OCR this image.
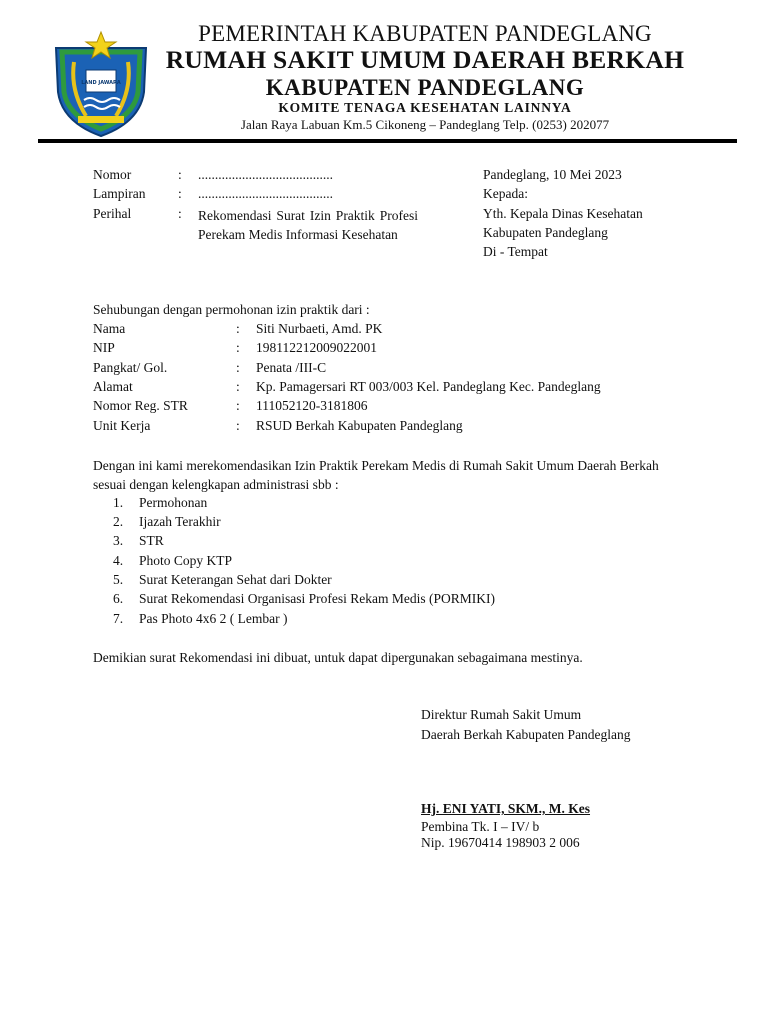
LAND JAWARA
PEMERINTAH KABUPATEN PANDEGLANG
RUMAH SAKIT UMUM DAERAH BERKAH
KABUPATEN PANDEGLANG
KOMITE TENAGA KESEHATAN LAINNYA
Jalan Raya Labuan Km.5 Cikoneng – Pandeglang Telp. (0253) 202077
Nomor	: ........................................
Lampiran : ........................................
Perihal	: Rekomendasi Surat Izin Praktik Profesi Perekam Medis Informasi Kesehatan
Pandeglang, 10 Mei 2023
Kepada:
Yth. Kepala Dinas Kesehatan
Kabupaten Pandeglang
Di - Tempat
Sehubungan dengan permohonan izin praktik dari :
Nama	: Siti Nurbaeti, Amd. PK
NIP	: 198112212009022001
Pangkat/ Gol.	: Penata /III-C
Alamat	: Kp. Pamagersari RT 003/003 Kel. Pandeglang Kec. Pandeglang
Nomor Reg. STR	: 111052120-3181806
Unit Kerja	: RSUD Berkah Kabupaten Pandeglang
Dengan ini kami merekomendasikan Izin Praktik Perekam Medis di Rumah Sakit Umum Daerah Berkah sesuai dengan kelengkapan administrasi sbb :
1. Permohonan
2. Ijazah Terakhir
3. STR
4. Photo Copy KTP
5. Surat Keterangan Sehat dari Dokter
6. Surat Rekomendasi Organisasi Profesi Rekam Medis (PORMIKI)
7. Pas Photo 4x6 2 ( Lembar )
Demikian surat Rekomendasi ini dibuat, untuk dapat dipergunakan sebagaimana mestinya.
Direktur Rumah Sakit Umum
Daerah Berkah Kabupaten Pandeglang
Hj. ENI YATI, SKM., M. Kes
Pembina Tk. I – IV/ b
Nip. 19670414 198903 2 006
